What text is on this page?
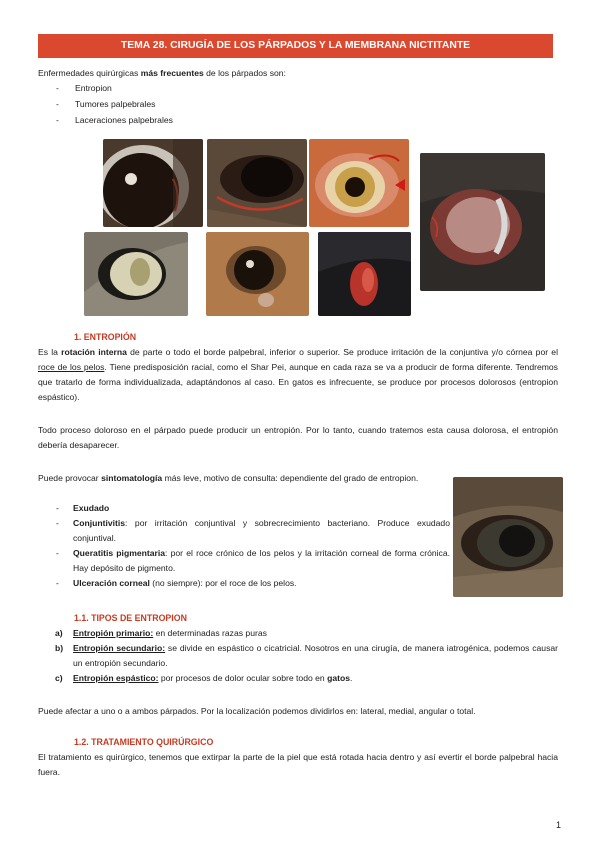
TEMA 28. CIRUGÍA DE LOS PÁRPADOS Y LA MEMBRANA NICTITANTE
Enfermedades quirúrgicas más frecuentes de los párpados son:
- Entropion
- Tumores palpebrales
- Laceraciones palpebrales
1. ENTROPIÓN

Es la rotación interna de parte o todo el borde palpebral, inferior o superior. Se produce irritación de la conjuntiva y/o córnea por el roce de los pelos. Tiene predisposición racial, como el Shar Pei, aunque en cada raza se va a producir de forma diferente. Tendremos que tratarlo de forma individualizada, adaptándonos al caso. En gatos es infrecuente, se produce por procesos dolorosos (entropion espástico).

Todo proceso doloroso en el párpado puede producir un entropión. Por lo tanto, cuando tratemos esta causa dolorosa, el entropión debería desaparecer.

Puede provocar sintomatología más leve, motivo de consulta: dependiente del grado de entropion.

- Exudado
- Conjuntivitis: por irritación conjuntival y sobrecrecimiento bacteriano. Produce exudado conjuntival.
- Queratitis pigmentaria: por el roce crónico de los pelos y la irritación corneal de forma crónica. Hay depósito de pigmento.
- Ulceración corneal (no siempre): por el roce de los pelos.
1.1. TIPOS DE ENTROPION
a) Entropión primario: en determinadas razas puras
b) Entropión secundario: se divide en espástico o cicatricial. Nosotros en una cirugía, de manera iatrogénica, podemos causar un entropión secundario.
c) Entropión espástico: por procesos de dolor ocular sobre todo en gatos.

Puede afectar a uno o a ambos párpados. Por la localización podemos dividirlos en: lateral, medial, angular o total.

1.2. TRATAMIENTO QUIRÚRGICO

El tratamiento es quirúrgico, tenemos que extirpar la parte de la piel que está rotada hacia dentro y así evertir el borde palpebral hacia fuera.

1
